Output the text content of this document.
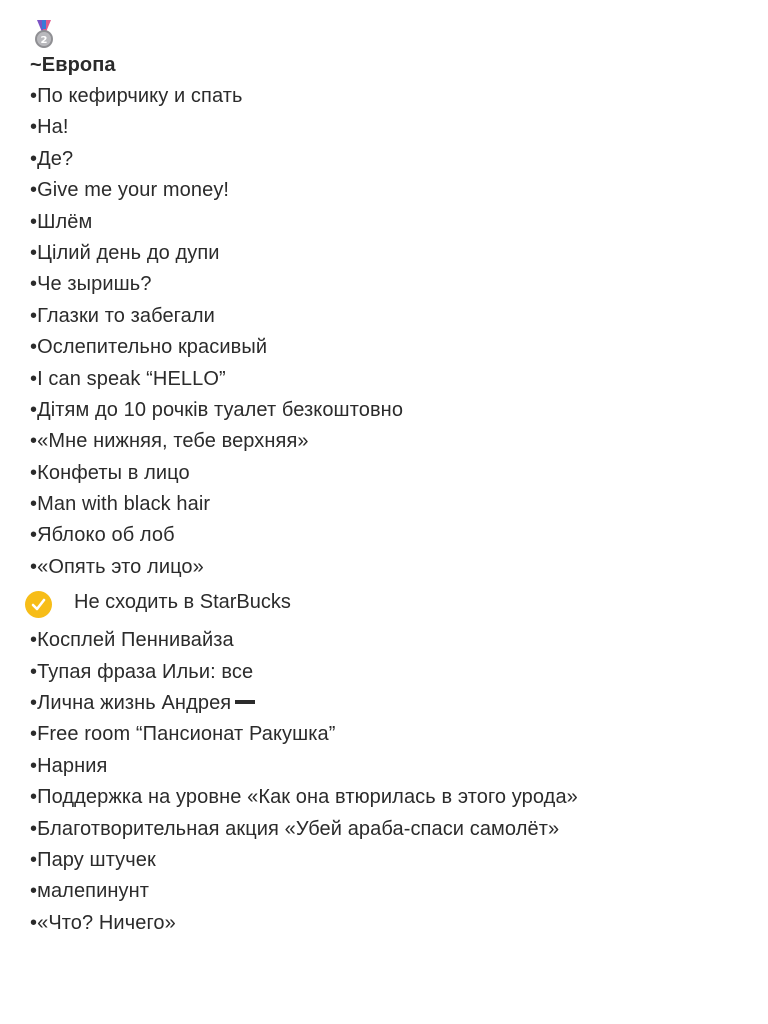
2
~Европа
•По кефирчику и спать
•На!
•Де?
•Give me your money!
•Шлём
•Цілий день до дупи
•Че зыришь?
•Глазки то забегали
•Ослепительно красивый
•I can speak “HELLO”
•Дітям до 10 рочків туалет безкоштовно
•«Мне нижняя, тебе верхняя»
•Конфеты в лицо
•Man with black hair
•Яблоко об лоб
•«Опять это лицо»
Не сходить в StarBucks
•Косплей Пеннивайза
•Тупая фраза Ильи: все
•Лична жизнь Андрея
•Free room “Пансионат Ракушка”
•Нарния
•Поддержка на уровне «Как она втюрилась в этого урода»
•Благотворительная акция «Убей араба-спаси самолёт»
•Пару штучек
•малепинунт
•«Что? Ничего»
